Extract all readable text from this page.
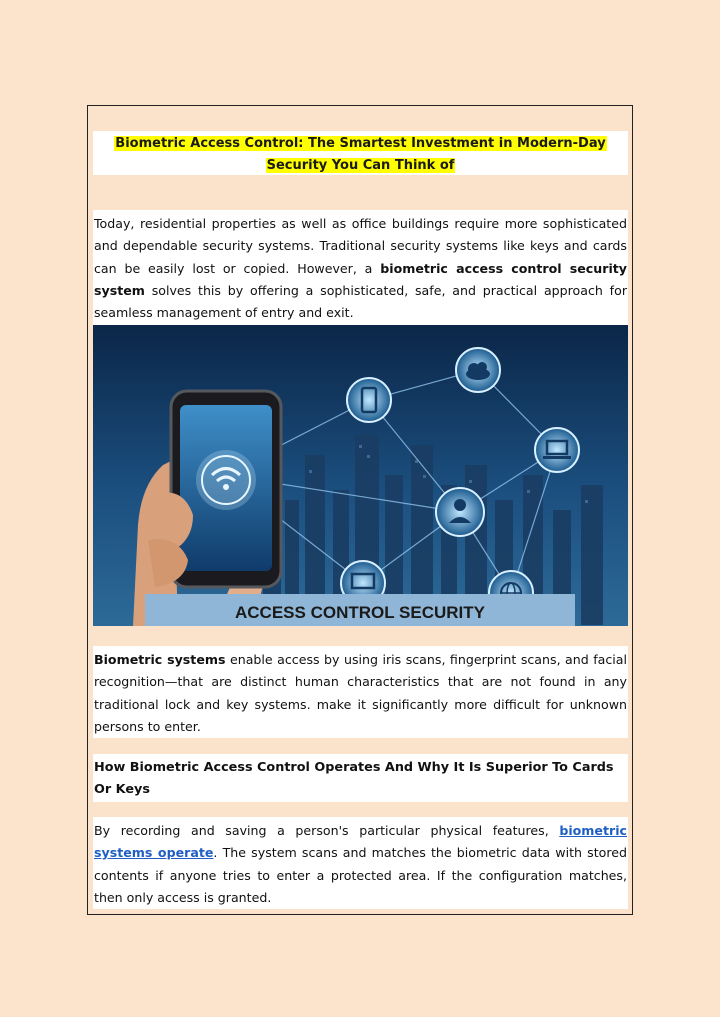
Biometric Access Control: The Smartest Investment in Modern-Day
Security You Can Think of

Today, residential properties as well as office buildings require more sophisticated and dependable security systems. Traditional security systems like keys and cards can be easily lost or copied. However, a biometric access control security system solves this by offering a sophisticated, safe, and practical approach for seamless management of entry and exit.

ACCESS CONTROL SECURITY

Biometric systems enable access by using iris scans, fingerprint scans, and facial recognition—that are distinct human characteristics that are not found in any traditional lock and key systems. make it significantly more difficult for unknown persons to enter.

How Biometric Access Control Operates And Why It Is Superior To Cards Or Keys

By recording and saving a person's particular physical features, biometric systems operate. The system scans and matches the biometric data with stored contents if anyone tries to enter a protected area. If the configuration matches, then only access is granted.
